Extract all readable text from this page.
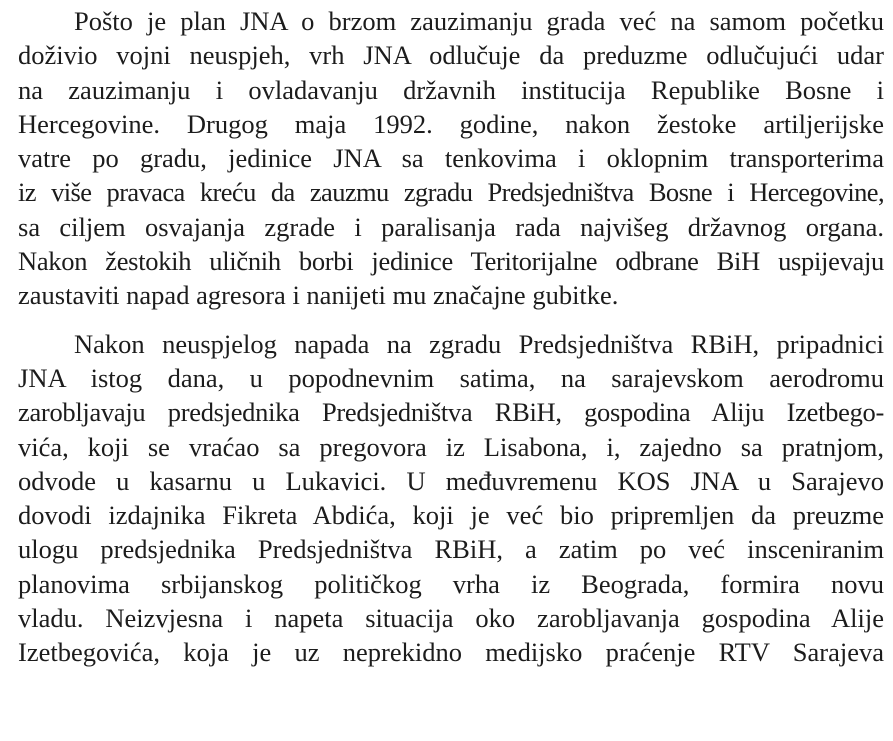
Pošto je plan JNA o brzom zauzimanju grada već na samom početku
doživio vojni neuspjeh, vrh JNA odlučuje da preduzme odlučujući udar
na zauzimanju i ovladavanju državnih institucija Republike Bosne i
Hercegovine. Drugog maja 1992. godine, nakon žestoke artiljerijske
vatre po gradu, jedinice JNA sa tenkovima i oklopnim transporterima
iz više pravaca kreću da zauzmu zgradu Predsjedništva Bosne i Hercegovine,
sa ciljem osvajanja zgrade i paralisanja rada najvišeg državnog organa.
Nakon žestokih uličnih borbi jedinice Teritorijalne odbrane BiH uspijevaju
zaustaviti napad agresora i nanijeti mu značajne gubitke.
Nakon neuspjelog napada na zgradu Predsjedništva RBiH, pripadnici
JNA istog dana, u popodnevnim satima, na sarajevskom aerodromu
zarobljavaju predsjednika Predsjedništva RBiH, gospodina Aliju Izetbego-
vića, koji se vraćao sa pregovora iz Lisabona, i, zajedno sa pratnjom,
odvode u kasarnu u Lukavici. U međuvremenu KOS JNA u Sarajevo
dovodi izdajnika Fikreta Abdića, koji je već bio pripremljen da preuzme
ulogu predsjednika Predsjedništva RBiH, a zatim po već insceniranim
planovima srbijanskog političkog vrha iz Beograda, formira novu
vladu. Neizvjesna i napeta situacija oko zarobljavanja gospodina Alije
Izetbegovića, koja je uz neprekidno medijsko praćenje RTV Sarajeva
